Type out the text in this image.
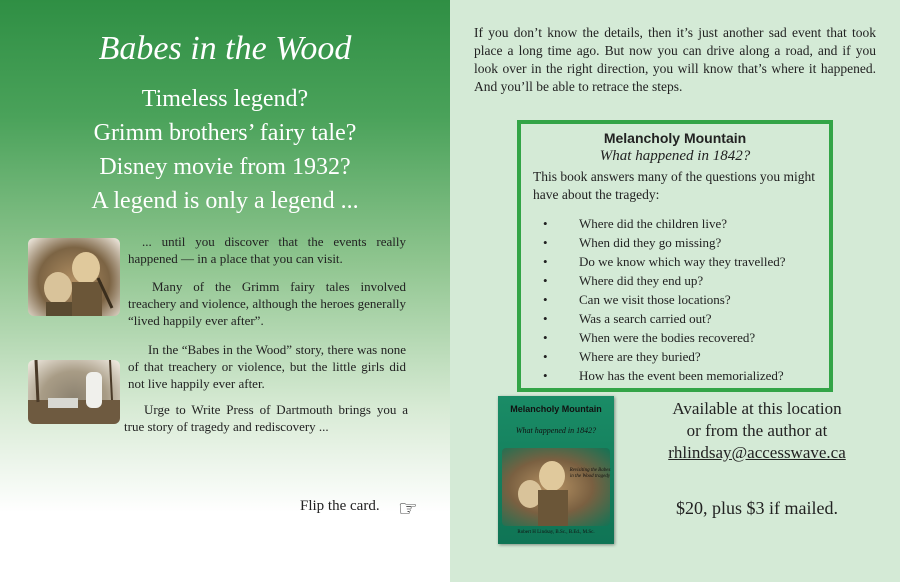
Babes in the Wood
Timeless legend?
Grimm brothers’ fairy tale?
Disney movie from 1932?
A legend is only a legend ...
... until you discover that the events really happened — in a place that you can visit.
Many of the Grimm fairy tales involved treachery and violence, although the heroes generally “lived happily ever after”.
In the “Babes in the Wood” story, there was none of that treachery or violence, but the little girls did not live happily ever after.
Urge to Write Press of Dartmouth brings you a true story of tragedy and rediscovery ...
Flip the card. ☞
If you don’t know the details, then it’s just another sad event that took place a long time ago. But now you can drive along a road, and if you look over in the right direction, you will know that’s where it happened. And you’ll be able to retrace the steps.
Melancholy Mountain
What happened in 1842?
This book answers many of the questions you might have about the tragedy:
• Where did the children live?
• When did they go missing?
• Do we know which way they travelled?
• Where did they end up?
• Can we visit those locations?
• Was a search carried out?
• When were the bodies recovered?
• Where are they buried?
• How has the event been memorialized?
Melancholy Mountain
What happened in 1842?
Revisiting the Babes in the Wood tragedy
Robert H Lindsay, B.Sc., B.Ed., M.Sc.
Available at this location
or from the author at
rhlindsay@accesswave.ca
$20, plus $3 if mailed.
